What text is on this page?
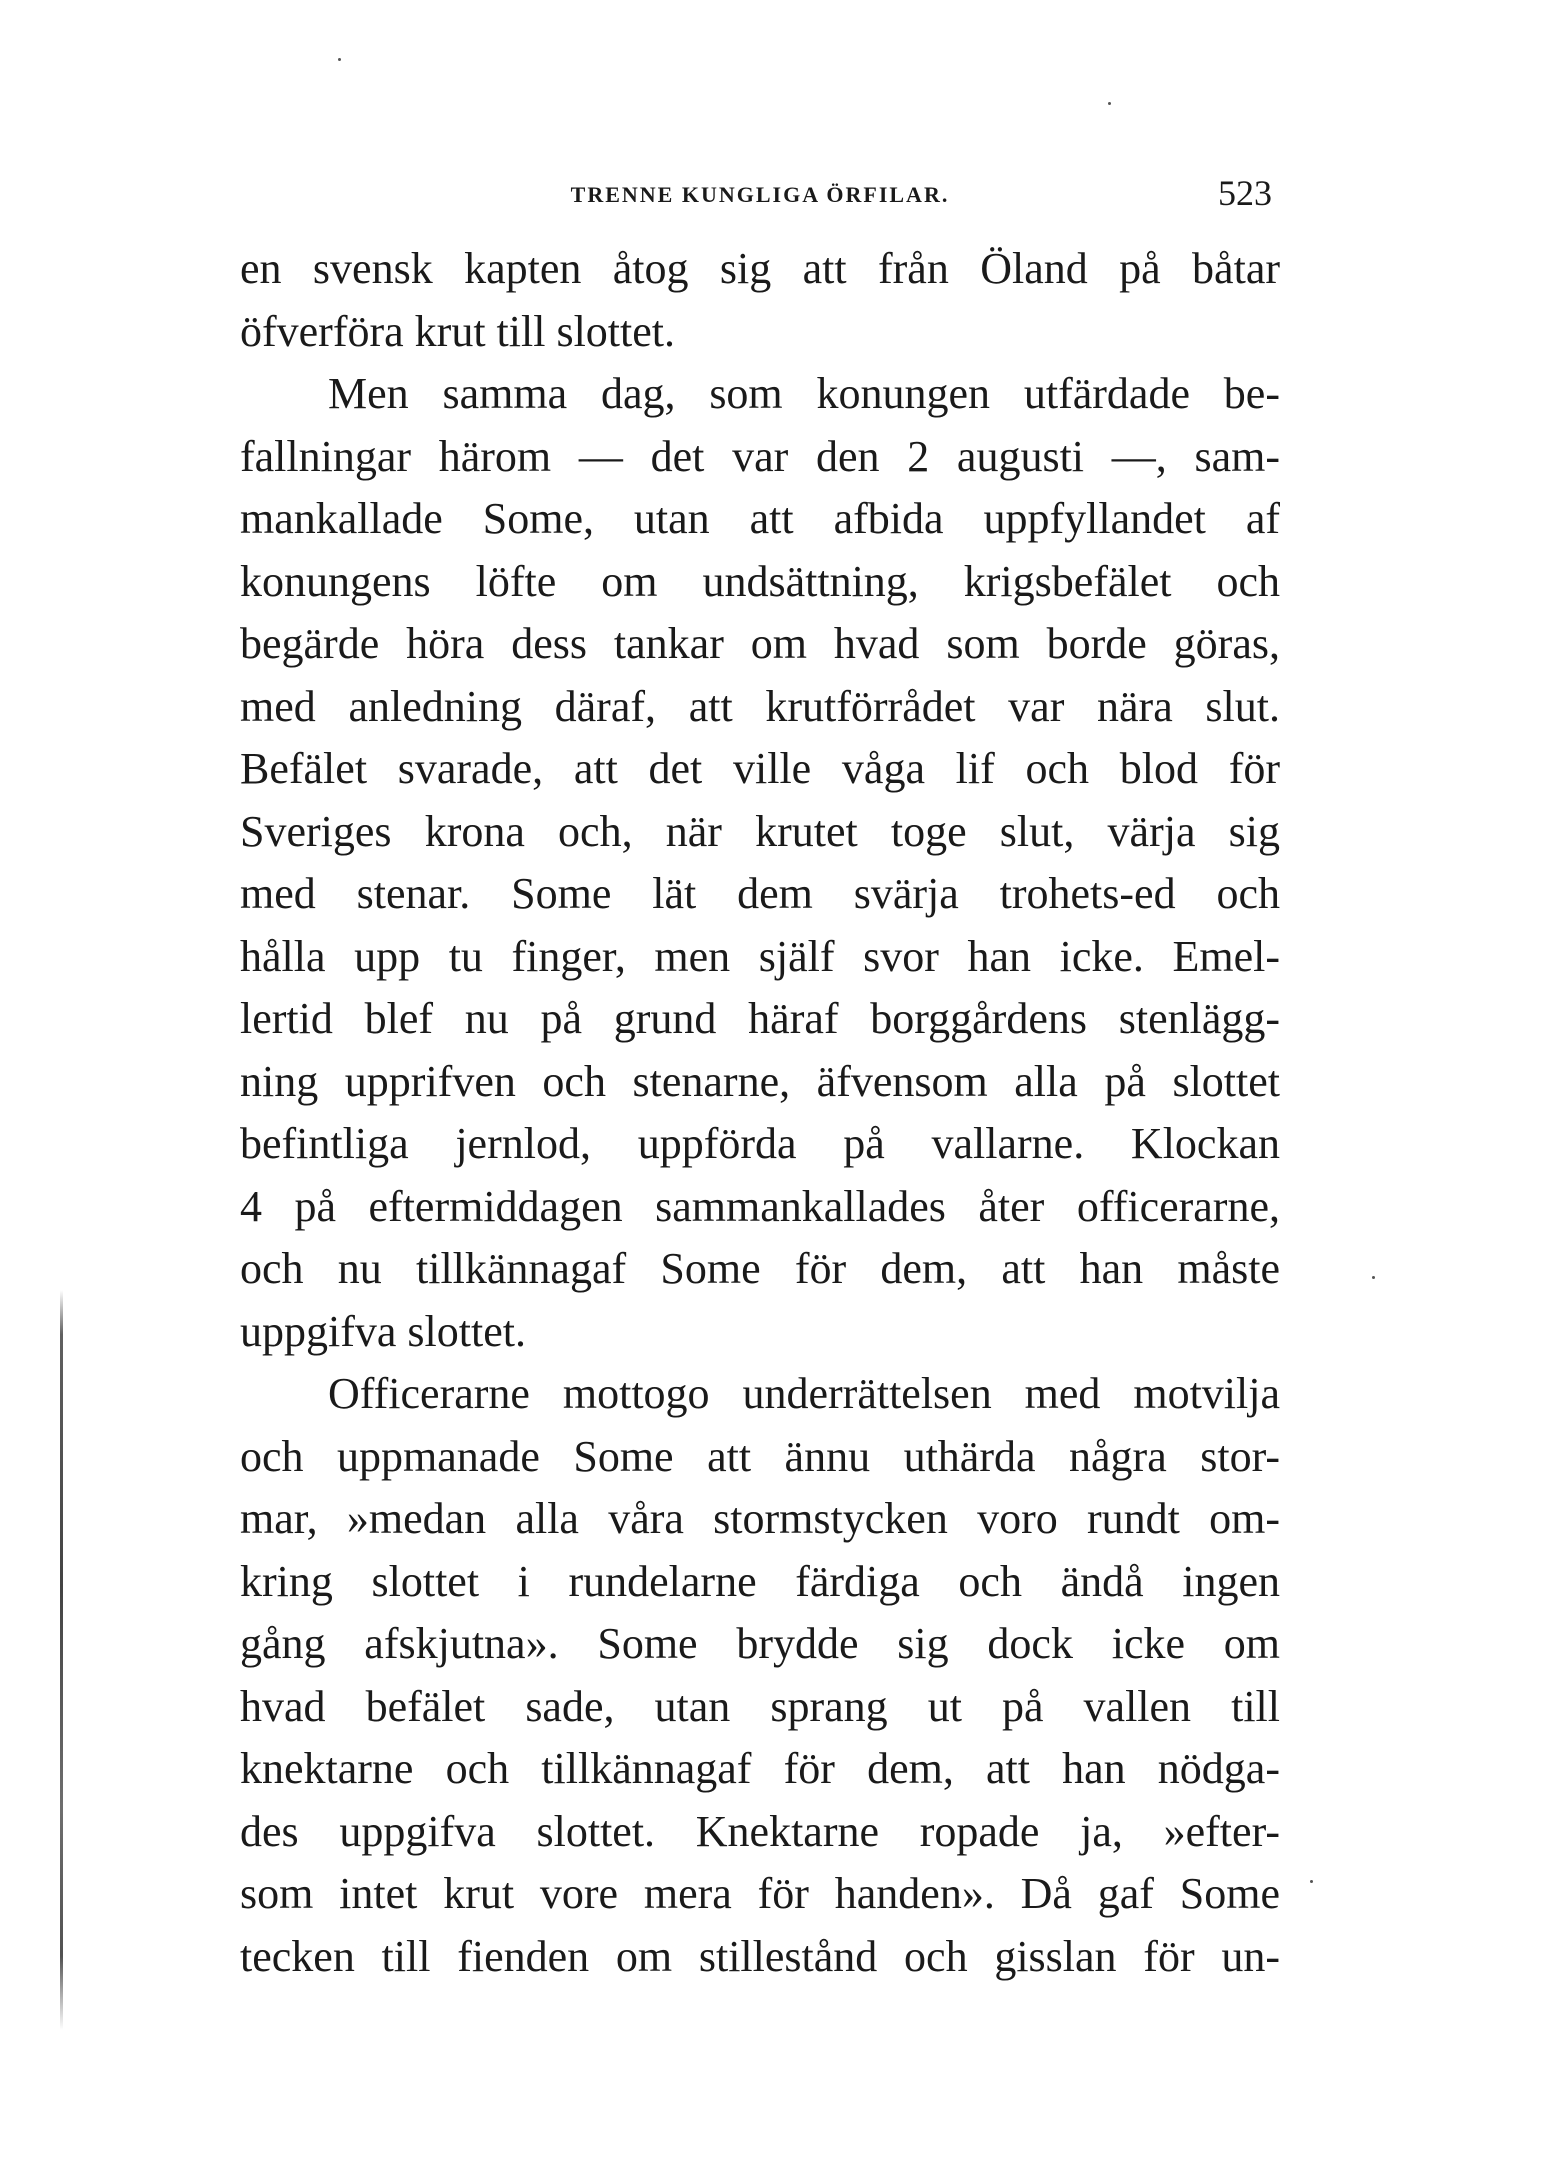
TRENNE KUNGLIGA ÖRFILAR.	523
en svensk kapten åtog sig att från Öland på båtar
öfverföra krut till slottet.
Men samma dag, som konungen utfärdade be-
fallningar härom — det var den 2 augusti —, sam-
mankallade Some, utan att afbida uppfyllandet af
konungens löfte om undsättning, krigsbefälet och
begärde höra dess tankar om hvad som borde göras,
med anledning däraf, att krutförrådet var nära slut.
Befälet svarade, att det ville våga lif och blod för
Sveriges krona och, när krutet toge slut, värja sig
med stenar. Some lät dem svärja trohets-ed och
hålla upp tu finger, men själf svor han icke. Emel-
lertid blef nu på grund häraf borggårdens stenlägg-
ning upprifven och stenarne, äfvensom alla på slottet
befintliga jernlod, uppförda på vallarne. Klockan
4 på eftermiddagen sammankallades åter officerarne,
och nu tillkännagaf Some för dem, att han måste
uppgifva slottet.
Officerarne mottogo underrättelsen med motvilja
och uppmanade Some att ännu uthärda några stor-
mar, »medan alla våra stormstycken voro rundt om-
kring slottet i rundelarne färdiga och ändå ingen
gång afskjutna». Some brydde sig dock icke om
hvad befälet sade, utan sprang ut på vallen till
knektarne och tillkännagaf för dem, att han nödga-
des uppgifva slottet. Knektarne ropade ja, »efter-
som intet krut vore mera för handen». Då gaf Some
tecken till fienden om stillestånd och gisslan för un-
